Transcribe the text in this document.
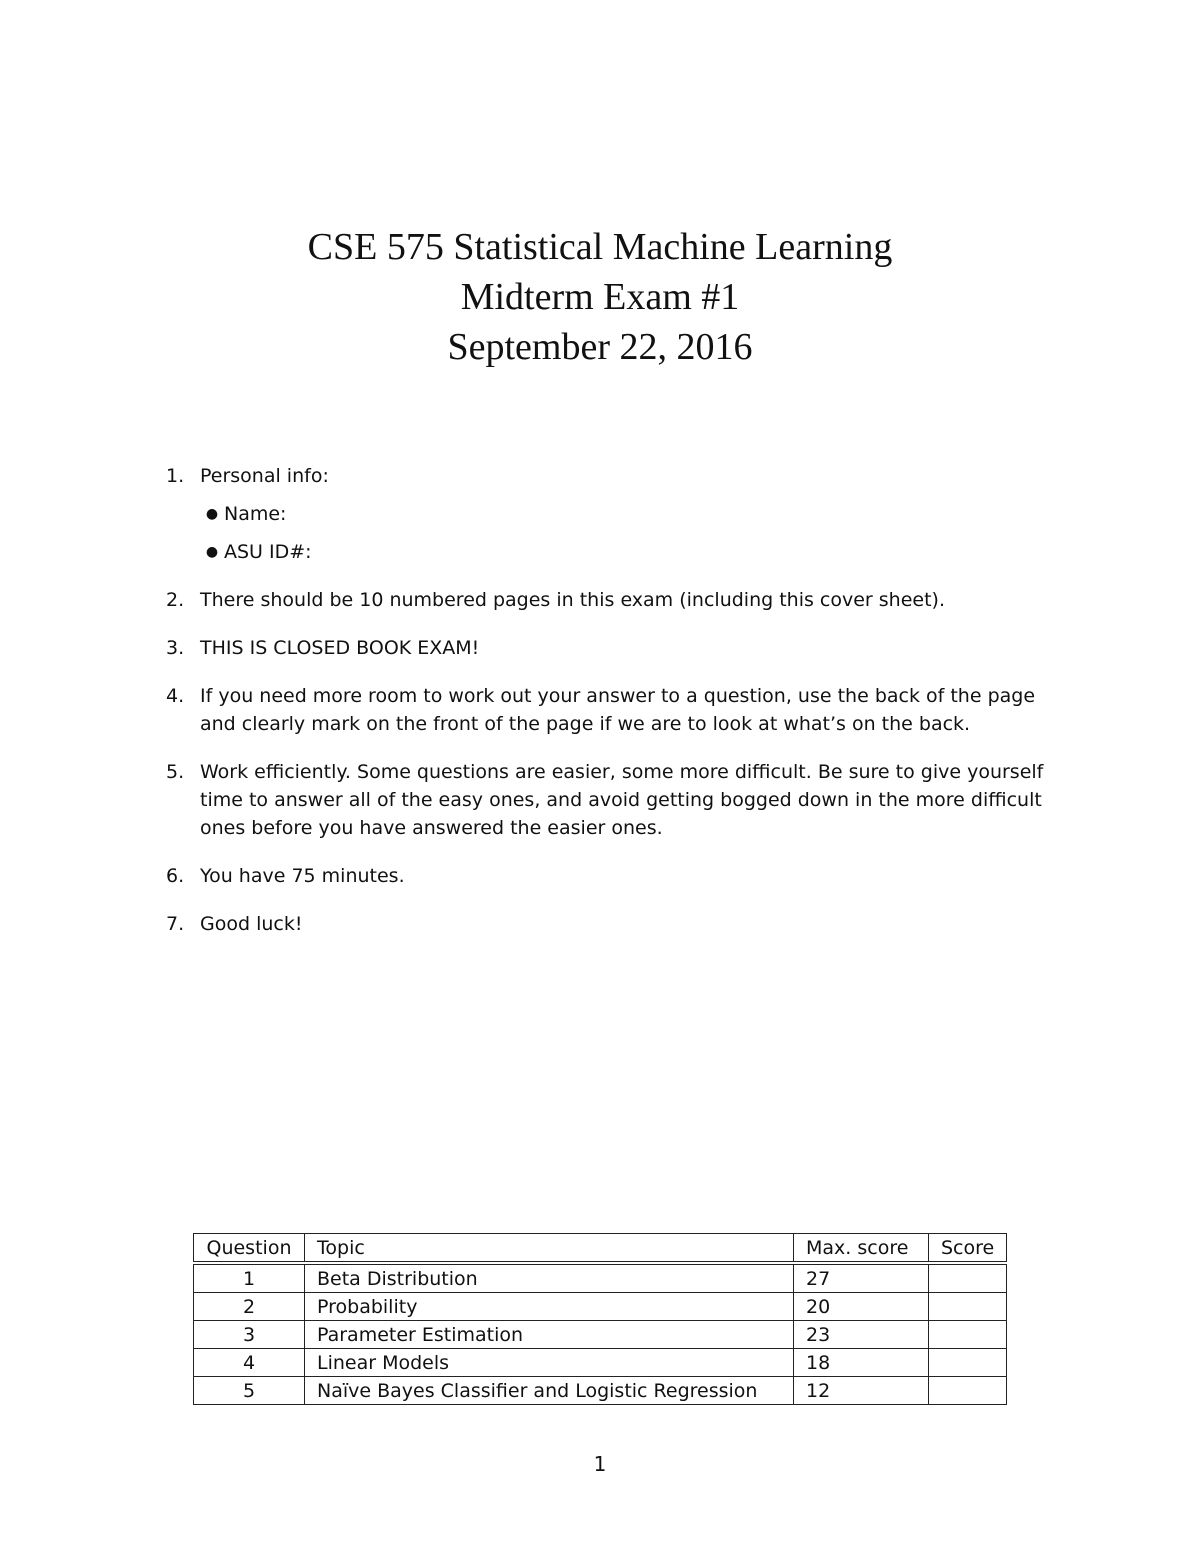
CSE 575 Statistical Machine Learning
Midterm Exam #1
September 22, 2016
1. Personal info:
● Name:
● ASU ID#:
2. There should be 10 numbered pages in this exam (including this cover sheet).
3. THIS IS CLOSED BOOK EXAM!
4. If you need more room to work out your answer to a question, use the back of the page and clearly mark on the front of the page if we are to look at what’s on the back.
5. Work efficiently. Some questions are easier, some more difficult. Be sure to give yourself time to answer all of the easy ones, and avoid getting bogged down in the more difficult ones before you have answered the easier ones.
6. You have 75 minutes.
7. Good luck!
Question	Topic	Max. score	Score
1	Beta Distribution	27	
2	Probability	20	
3	Parameter Estimation	23	
4	Linear Models	18	
5	Naïve Bayes Classifier and Logistic Regression	12	
1
